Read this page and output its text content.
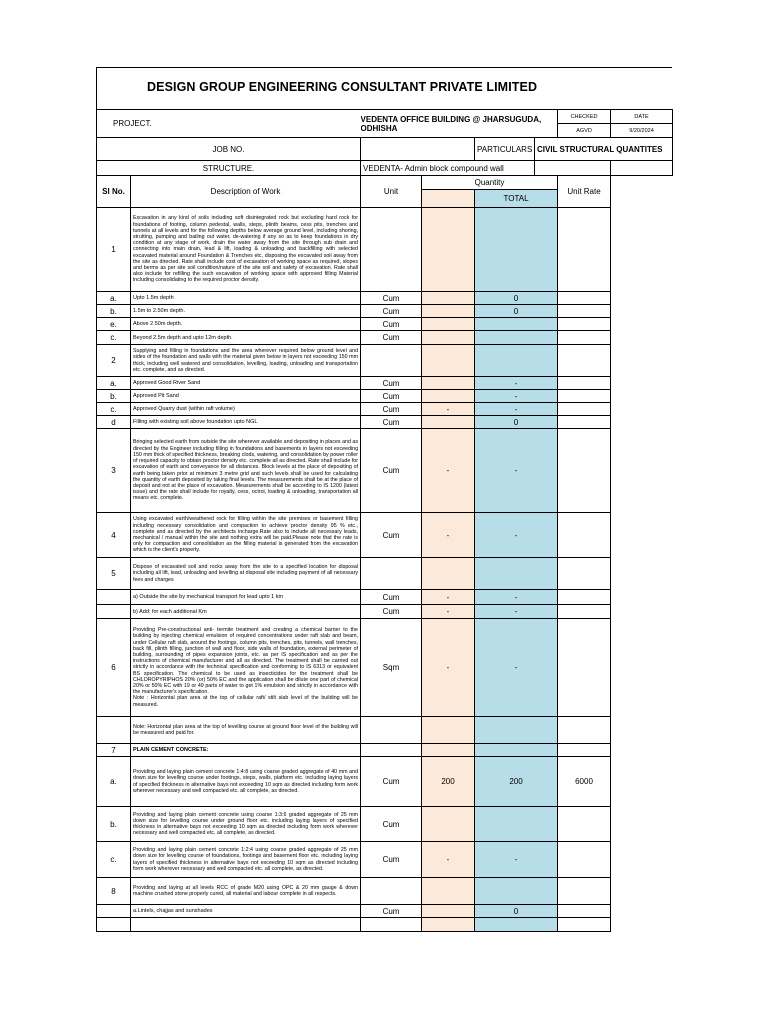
DESIGN GROUP ENGINEERING CONSULTANT PRIVATE LIMITED
PROJECT.		VEDENTA OFFICE BUILDING @ JHARSUGUDA, ODHISHA				CHECKED	DATE
						AGVD	9/20/2024
JOB NO.				PARTICULARS	CIVIL STRUCTURAL QUANTITES		
STRUCTURE.		VEDENTA- Admin block compound wall					

Sl No.	Description of Work	Unit	Quantity			Unit Rate	
				TOTAL			
1	Excavation in any kind of soils including soft disintegrated rock but excluding hard rock for foundations of footing, column pedestal, walls, steps, plinth beams, cess pits, trenches and tunnels at all levels and for the following depths below average ground level, including shoring, strutting, pumping and bailing out water, de-watering if any so as to keep foundations in dry condition at any stage of work, drain the water away from the site through sub drain and connecting into main drain, lead & lift, loading & unloading and backfilling with selected excavated material around Foundation & Trenches etc, disposing the excavated soil away from the site as directed. Rate shall include cost of excavation of working space as required, slopes and berms as per site soil condition/nature of the site soil and safety of excavation. Rate shall also include for refilling the such excavation of working space with approved filling Material including consolidating to the required proctor density.						
a.	Upto 1.5m depth	Cum		0			
b.	1.5m to 2.50m depth.	Cum		0			
e.	Above 2.50m depth.	Cum					
c.	Beyond 2.5m depth and upto 12m depth.	Cum					
2	Supplying and filling in foundations and the area wherever required below ground level and sides of the foundation and walls with the material given below in layers not exceeding 150 mm thick, including well watered and consolidation, levelling, loading, unloading and transportation etc. complete, and as directed.						
a.	Approved Good River Sand	Cum		-			
b.	Approved Pit Sand	Cum		-			
c.	Approved Quarry dust (within raft volume)	Cum	-	-			
d	Filling with existing soil above foundation upto NGL	Cum		0			
3	Bringing selected earth from outside the site wherever available and depositing in places and as directed by the Engineer including filling in foundations and basements in layers not exceeding 150 mm thick of specified thickness, breaking clods, watering, and consolidation by power roller of required capacity to obtain proctor density etc. complete all as directed. Rate shall include for excavation of earth and conveyance for all distances. Block levels at the place of depositing of earth being taken prior at minimum 3 metre grid and such levels shall be used for calculating the quantity of earth deposited by taking final levels. The measurements shall be at the place of deposit and not at the place of excavation. Measurements shall be according to IS 1200 (latest issue) and the rate shall include for royalty, cess, octroi, loading & unloading, transportation all means etc. complete.	Cum	-	-			
4	Using excavated earth/weathered rock for filling within the site premises or basement filling including necessary consolidation and compaction to achieve proctor density 95 % etc., complete and as directed by the architects incharge.Rate also to include all necessary leads, mechanical / manual within the site and nothing extra will be paid.Please note that the rate is only for compaction and consolidation as the filling material is generated from the excavation which is the client's property.	Cum	-	-			
5	Dispose of excavated soil and rocks away from the site to a specified location for disposal including all lift, lead, unloading and levelling at disposal site including payment of all necessary fees and charges						
	a) Outside the site by mechanical transport for lead upto 1 km	Cum	-	-			
	b) Add: for each additional Km	Cum	-	-			
6	Providing Pre-constructional anti- termite treatment and creating a chemical barrier to the building by injecting chemical emulsion of required concentrations under raft slab and beam, under Cellular raft slab, around the footings, column pits, trenches, pits, tunnels, wall trenches, back fill, plinth filling, junction of wall and floor, side walls of foundation, external perimeter of building, surrounding of pipes expansion joints, etc. as per IS specification and as per the instructions of chemical manufacturer and all as directed. The treatment shall be carried out strictly in accordance with the technical specification and conforming to IS 6313 or equivalent BS specification. The chemical to be used as insecticides for the treatment shall be CHLOROPYRIPHOS 20% (or) 50% EC and the application shall be dilute one part of chemical 20% or 50% EC with 19 or 49 parts of water to get 1% emulsion and strictly in accordance with the manufacturer's specification.
Note : Horizontal plan area at the top of cellular raft/ stilt slab level of the building will be measured.	Sqm	-	-			
	Note: Horizontal plan area at the top of levelling course at ground floor level of the building will be measured and paid for.						
7	PLAIN CEMENT CONCRETE:						
a.	Providing and laying plain cement concrete 1:4:8 using coarse graded aggregate of 40 mm and down size for levelling course under footings, steps, walls, platform etc. including laying layers of specified thickness in alternative bays not exceeding 10 sqm as directed including form work wherever necessary and well compacted etc. all complete, as directed.	Cum	200	200		6000	
b.	Providing and laying plain cement concrete using coarse 1:3:6 graded aggregate of 25 mm down size for levelling course under ground floor etc. including laying layers of specified thickness in alternative bays not exceeding 10 sqm as directed including form work wherever necessary and well compacted etc. all complete, as directed.	Cum					
c.	Providing and laying plain cement concrete 1:2:4 using coarse graded aggregate of 25 mm down size for levelling course of foundations, footings and basement floor etc. including laying layers of specified thickness in alternative bays not exceeding 10 sqm as directed including form work wherever necessary and well compacted etc. all complete, as directed.	Cum	-	-			
8	Providing and laying at all levels RCC of grade M20 using OPC & 20 mm gauge & down machine crushed stone properly cured, all material and labour complete in all respects.						
	a.Lintels, chajjas and sunshades	Cum		0			
